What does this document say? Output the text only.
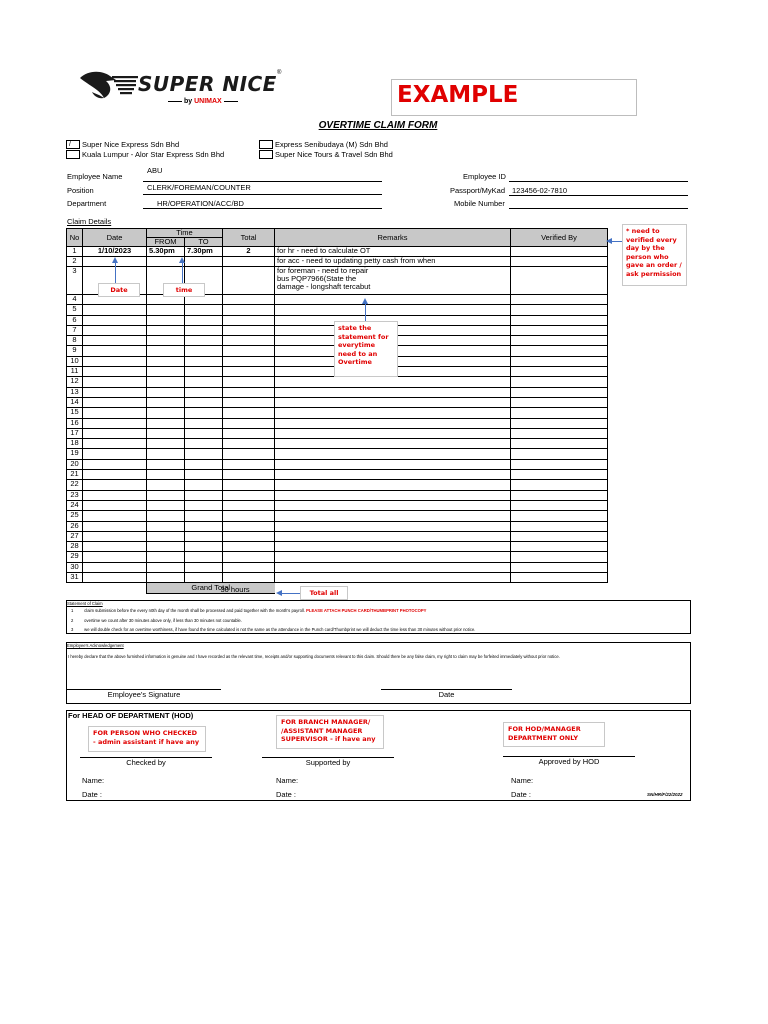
SUPER NICE ®
by UNIMAX	EXAMPLE
OVERTIME CLAIM FORM
/	Super Nice Express Sdn Bhd
Kuala Lumpur - Alor Star Express Sdn Bhd
Express Senibudaya (M) Sdn Bhd
Super Nice Tours & Travel Sdn Bhd
Employee Name
ABU
Position	CLERK/FOREMAN/COUNTER
Department	HR/OPERATION/ACC/BD
Employee ID
Passport/MyKad 123456-02-7810
Mobile Number
Claim Details
No	Date	Time	Total	Remarks	Verified By
FROM	TO
1	1/10/2023	5.30pm	7.30pm	2	for hr - need to calculate OT

2					for acc - need to updating petty cash from when

3					for foreman - need to repair
bus PQP7966(State the
damage - longshaft tercabut

4						
5						
6						
7						
8						
9						
10						
11						
12						
13						
14						
15						
16						
17						
18						
19						
20						
21						
22						
23						
24						
25						
26						
27						
28						
29						
30						
31						
		Grand Total	30 hours	
Date	time
state the statement for everytime need to an Overtime
* need to verified every day by the person who gave an order / ask permission
Total all
Statement of Claim
1	claim submission before the every n0th day of the month shall be processed and paid together with the month's payroll. PLEASE ATTACH PUNCH CARD/THUMBPRINT PHOTOCOPY
2	overtime we count after 30 minutes above only, if less than 30 minutes not countable.
3	we will double check for an overtime worthiness, if have found the time calculated is not the same as the attendance in the Punch card/Thumbprint we will deduct the time less than 30 minutes without prior notice.
Employee's Acknowledgement
I hereby declare that the above furnished information is genuine and I have recorded as the relevant time, receipts and/or supporting documents relevant to this claim. Should there be any false claim, my right to claim may be forfeited immediately without prior notice.
Employee's Signature	Date
For HEAD OF DEPARTMENT (HOD)
FOR PERSON WHO CHECKED - admin assistant if have any
FOR BRANCH MANAGER/ /ASSISTANT MANAGER SUPERVISOR - if have any
FOR HOD/MANAGER DEPARTMENT ONLY
Checked by	Supported by	Approved by HOD
Name:
Date :
Name:
Date :
Name:
Date :	SN/HR/F/22/2022
